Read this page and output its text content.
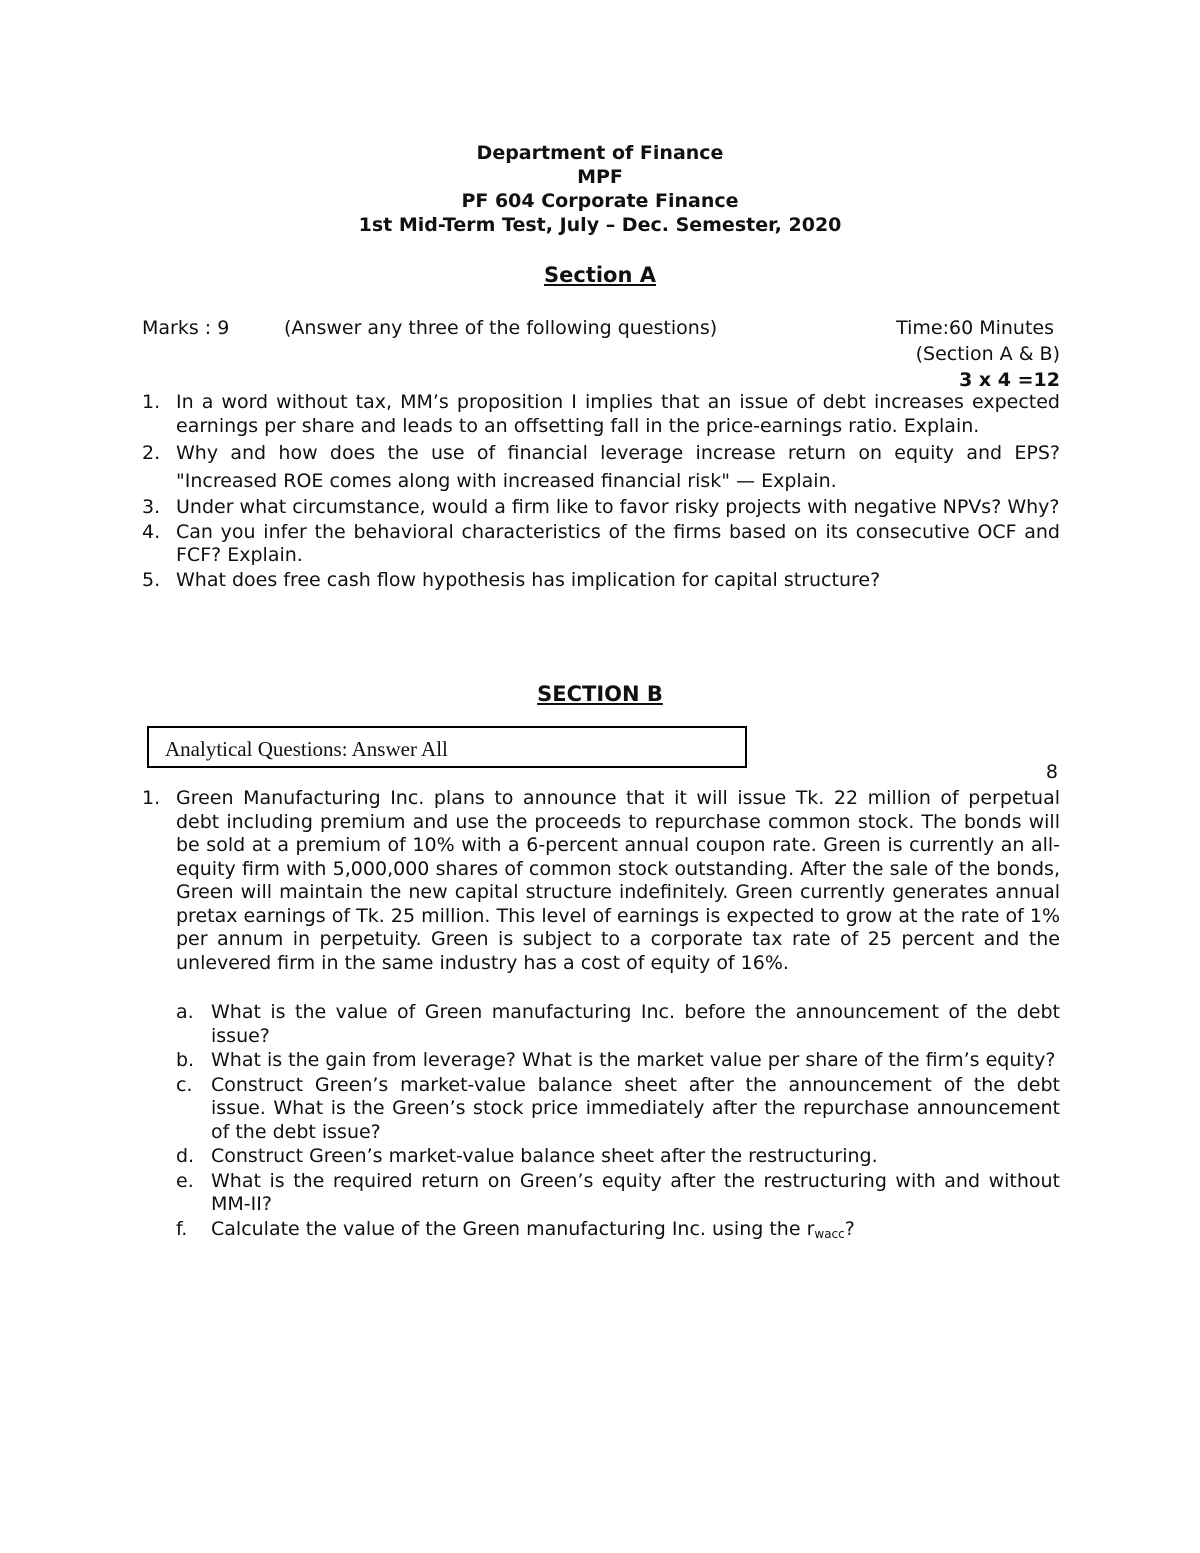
Department of Finance
MPF
PF 604 Corporate Finance
1st Mid-Term Test, July – Dec. Semester, 2020
Section A
Marks : 9	(Answer any three of the following questions)	Time:60 Minutes
(Section A & B)
3 x 4 =12
1. In a word without tax, MM’s proposition I implies that an issue of debt increases expected earnings per share and leads to an offsetting fall in the price-earnings ratio. Explain.
2. Why and how does the use of financial leverage increase return on equity and EPS? "Increased ROE comes along with increased financial risk" — Explain.
3. Under what circumstance, would a firm like to favor risky projects with negative NPVs? Why?
4. Can you infer the behavioral characteristics of the firms based on its consecutive OCF and FCF? Explain.
5. What does free cash flow hypothesis has implication for capital structure?
SECTION B
Analytical Questions: Answer All
8
1. Green Manufacturing Inc. plans to announce that it will issue Tk. 22 million of perpetual debt including premium and use the proceeds to repurchase common stock. The bonds will be sold at a premium of 10% with a 6-percent annual coupon rate. Green is currently an all-equity firm with 5,000,000 shares of common stock outstanding. After the sale of the bonds, Green will maintain the new capital structure indefinitely. Green currently generates annual pretax earnings of Tk. 25 million. This level of earnings is expected to grow at the rate of 1% per annum in perpetuity. Green is subject to a corporate tax rate of 25 percent and the unlevered firm in the same industry has a cost of equity of 16%.
a. What is the value of Green manufacturing Inc. before the announcement of the debt issue?
b. What is the gain from leverage? What is the market value per share of the firm’s equity?
c. Construct Green’s market-value balance sheet after the announcement of the debt issue. What is the Green’s stock price immediately after the repurchase announcement of the debt issue?
d. Construct Green’s market-value balance sheet after the restructuring.
e. What is the required return on Green’s equity after the restructuring with and without MM-II?
f. Calculate the value of the Green manufacturing Inc. using the $r_{wacc}$?
